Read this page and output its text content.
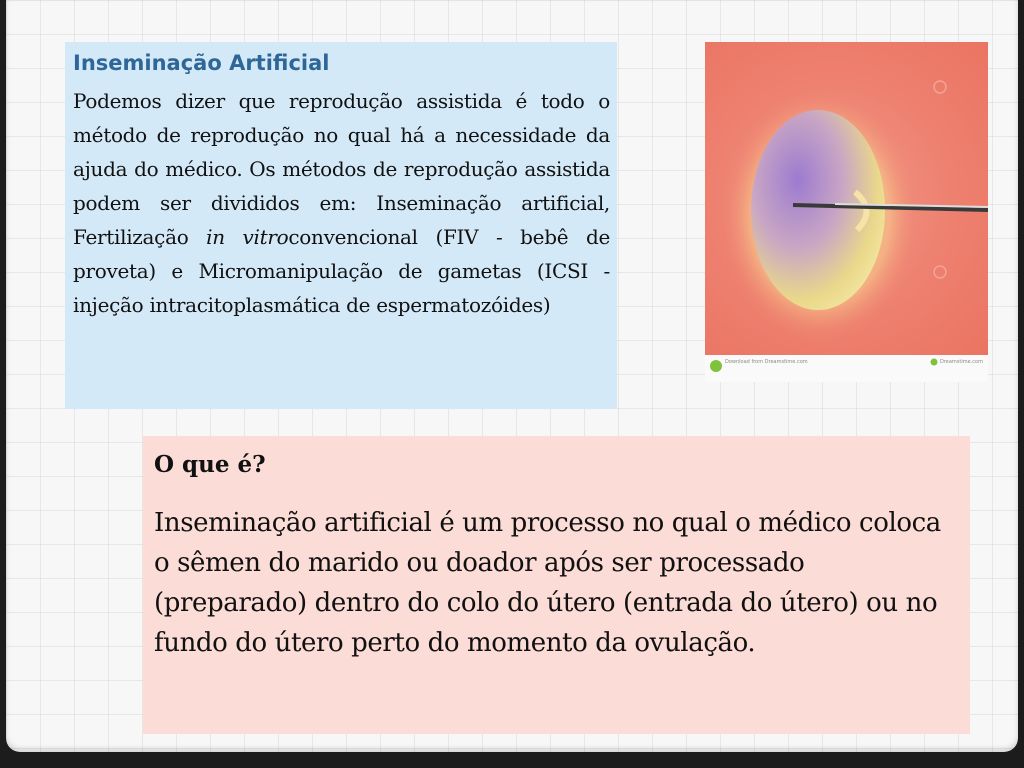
Inseminação Artificial

Podemos dizer que reprodução assistida é todo o método de reprodução no qual há a necessidade da ajuda do médico. Os métodos de reprodução assistida podem ser divididos em: Inseminação artificial, Fertilização in vitroconvencional (FIV - bebê de proveta) e Micromanipulação de gametas (ICSI - injeção intracitoplasmática de espermatozóides)

Download from Dreamstime.com	Dreamstime.com

O que é?

Inseminação artificial é um processo no qual o médico coloca o sêmen do marido ou doador após ser processado (preparado) dentro do colo do útero (entrada do útero) ou no fundo do útero perto do momento da ovulação.
